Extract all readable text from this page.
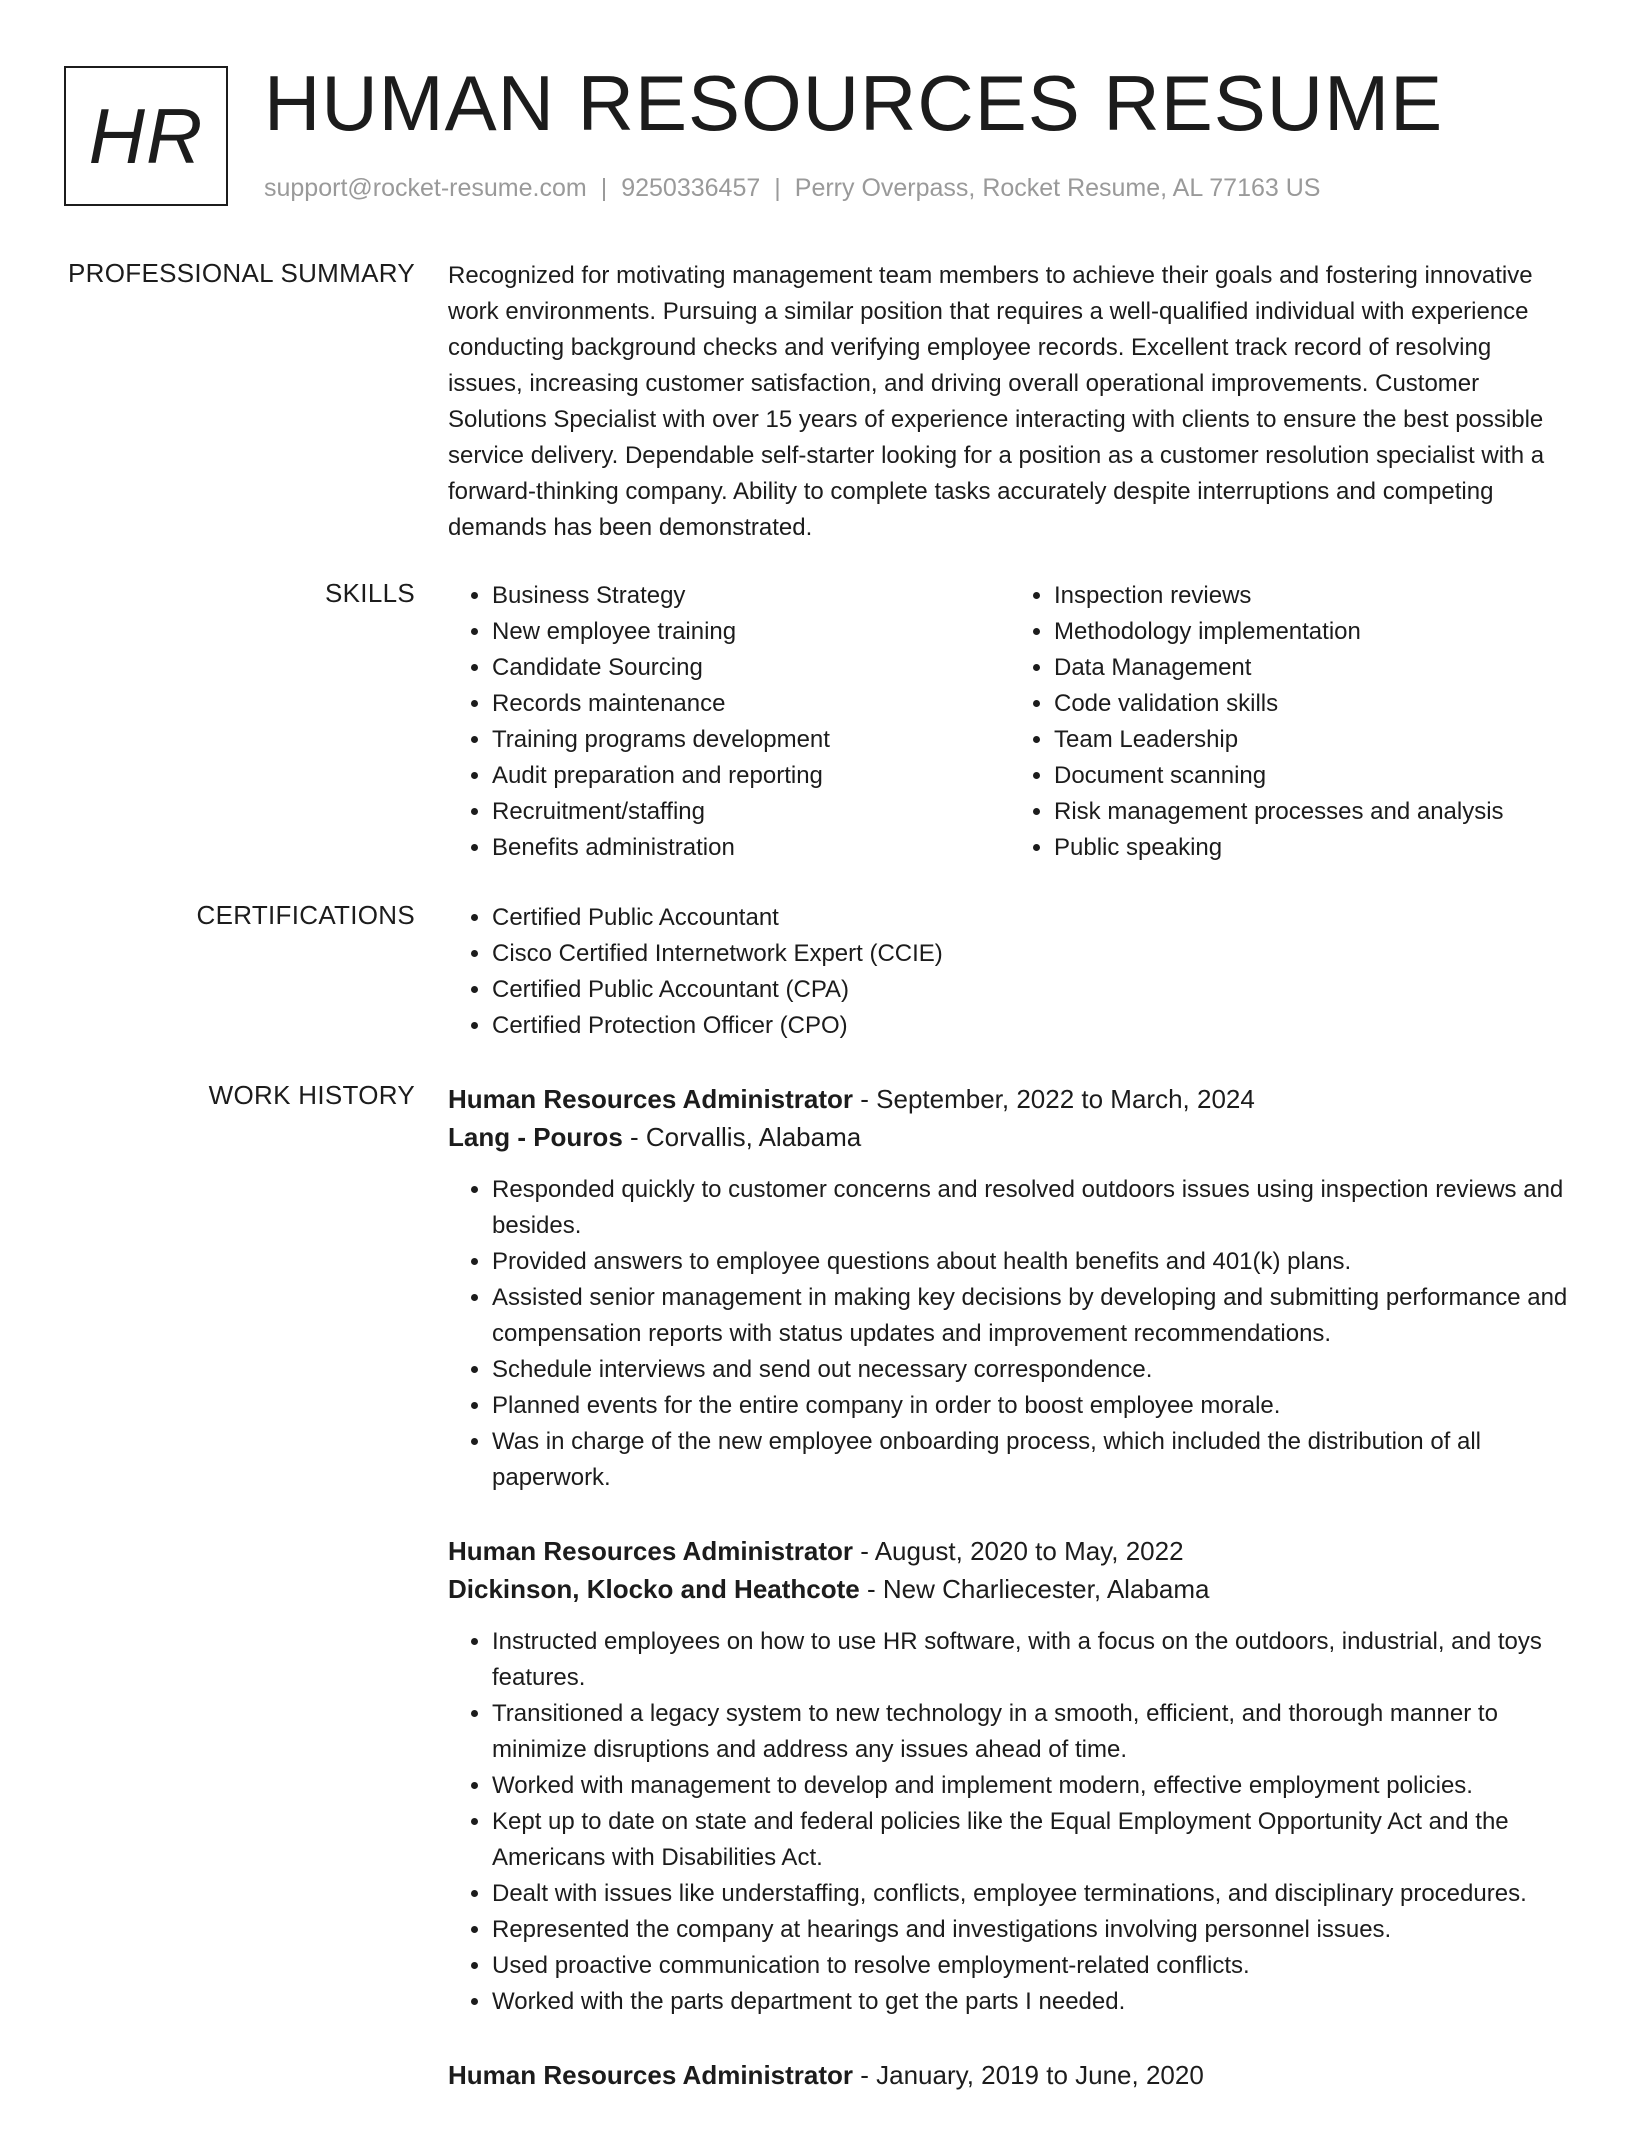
HR HUMAN RESOURCES RESUME
support@rocket-resume.com | 9250336457 | Perry Overpass, Rocket Resume, AL 77163 US
PROFESSIONAL SUMMARY Recognized for motivating management team members to achieve their goals and fostering innovative work environments. Pursuing a similar position that requires a well-qualified individual with experience conducting background checks and verifying employee records. Excellent track record of resolving issues, increasing customer satisfaction, and driving overall operational improvements. Customer Solutions Specialist with over 15 years of experience interacting with clients to ensure the best possible service delivery. Dependable self-starter looking for a position as a customer resolution specialist with a forward-thinking company. Ability to complete tasks accurately despite interruptions and competing demands has been demonstrated.

SKILLS	• Business Strategy
• New employee training
• Candidate Sourcing
• Records maintenance
• Training programs development
• Audit preparation and reporting
• Recruitment/staffing
• Benefits administration
• Inspection reviews
• Methodology implementation
• Data Management
• Code validation skills
• Team Leadership
• Document scanning
• Risk management processes and analysis
• Public speaking
CERTIFICATIONS	• Certified Public Accountant
• Cisco Certified Internetwork Expert (CCIE)
• Certified Public Accountant (CPA)
• Certified Protection Officer (CPO)
WORK HISTORY Human Resources Administrator - September, 2022 to March, 2024
Lang - Pouros - Corvallis, Alabama
• Responded quickly to customer concerns and resolved outdoors issues using inspection reviews and besides.
• Provided answers to employee questions about health benefits and 401(k) plans.
• Assisted senior management in making key decisions by developing and submitting performance and compensation reports with status updates and improvement recommendations.
• Schedule interviews and send out necessary correspondence.
• Planned events for the entire company in order to boost employee morale.
• Was in charge of the new employee onboarding process, which included the distribution of all paperwork.
Human Resources Administrator - August, 2020 to May, 2022
Dickinson, Klocko and Heathcote - New Charliecester, Alabama
• Instructed employees on how to use HR software, with a focus on the outdoors, industrial, and toys features.
• Transitioned a legacy system to new technology in a smooth, efficient, and thorough manner to minimize disruptions and address any issues ahead of time.
• Worked with management to develop and implement modern, effective employment policies.
• Kept up to date on state and federal policies like the Equal Employment Opportunity Act and the Americans with Disabilities Act.
• Dealt with issues like understaffing, conflicts, employee terminations, and disciplinary procedures.
• Represented the company at hearings and investigations involving personnel issues.
• Used proactive communication to resolve employment-related conflicts.
• Worked with the parts department to get the parts I needed.
Human Resources Administrator - January, 2019 to June, 2020
